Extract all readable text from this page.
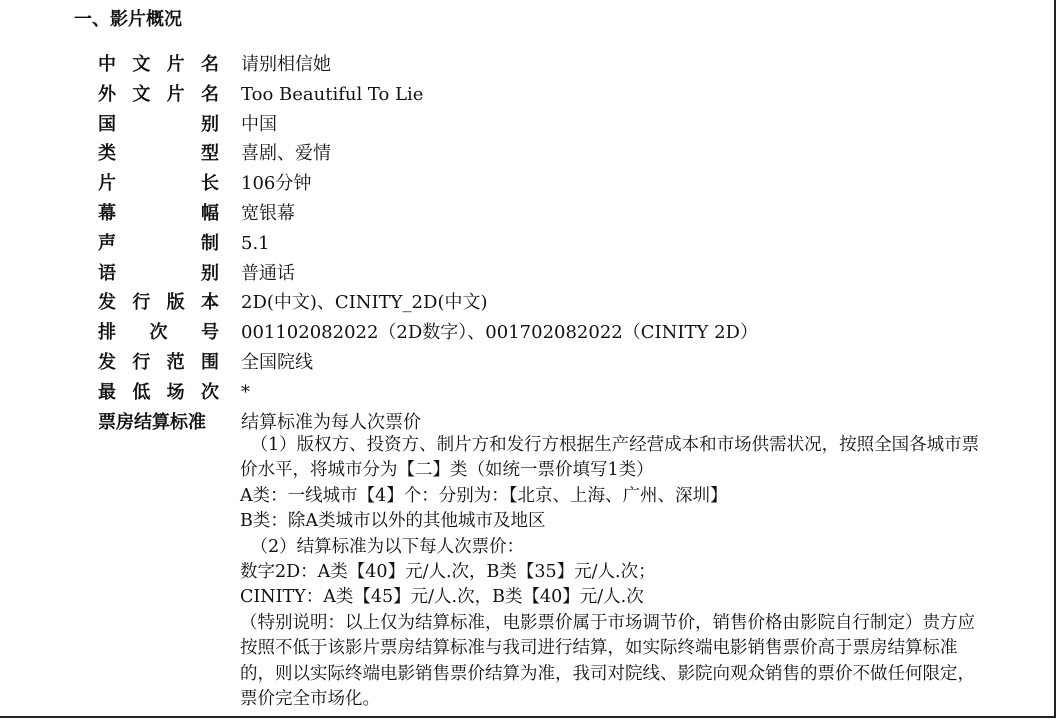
一、影片概况
中 文 片 名 请别相信她
外 文 片 名 Too Beautiful To Lie
国	别 中国
类	型 喜剧、爱情
片	长 106分钟
幕	幅 宽银幕
声	制 5.1
语	别 普通话
发 行 版 本 2D(中文)、CINITY_2D(中文)
排 次 号 001102082022（2D数字）、001702082022（CINITY 2D）
发 行 范 围 全国院线
最 低 场 次 *
票房结算标准 结算标准为每人次票价

（1）版权方、投资方、制片方和发行方根据生产经营成本和市场供需状况，按照全国各城市票价水平，将城市分为【二】类（如统一票价填写1类）

A类：一线城市【4】个：分别为：【北京、上海、广州、深圳】

B类：除A类城市以外的其他城市及地区

（2）结算标准为以下每人次票价：

数字2D：A类【40】元/人.次，B类【35】元/人.次；

CINITY：A类【45】元/人.次，B类【40】元/人.次

（特别说明：以上仅为结算标准，电影票价属于市场调节价，销售价格由影院自行制定）贵方应按照不低于该影片票房结算标准与我司进行结算，如实际终端电影销售票价高于票房结算标准的，则以实际终端电影销售票价结算为准，我司对院线、影院向观众销售的票价不做任何限定，票价完全市场化。
